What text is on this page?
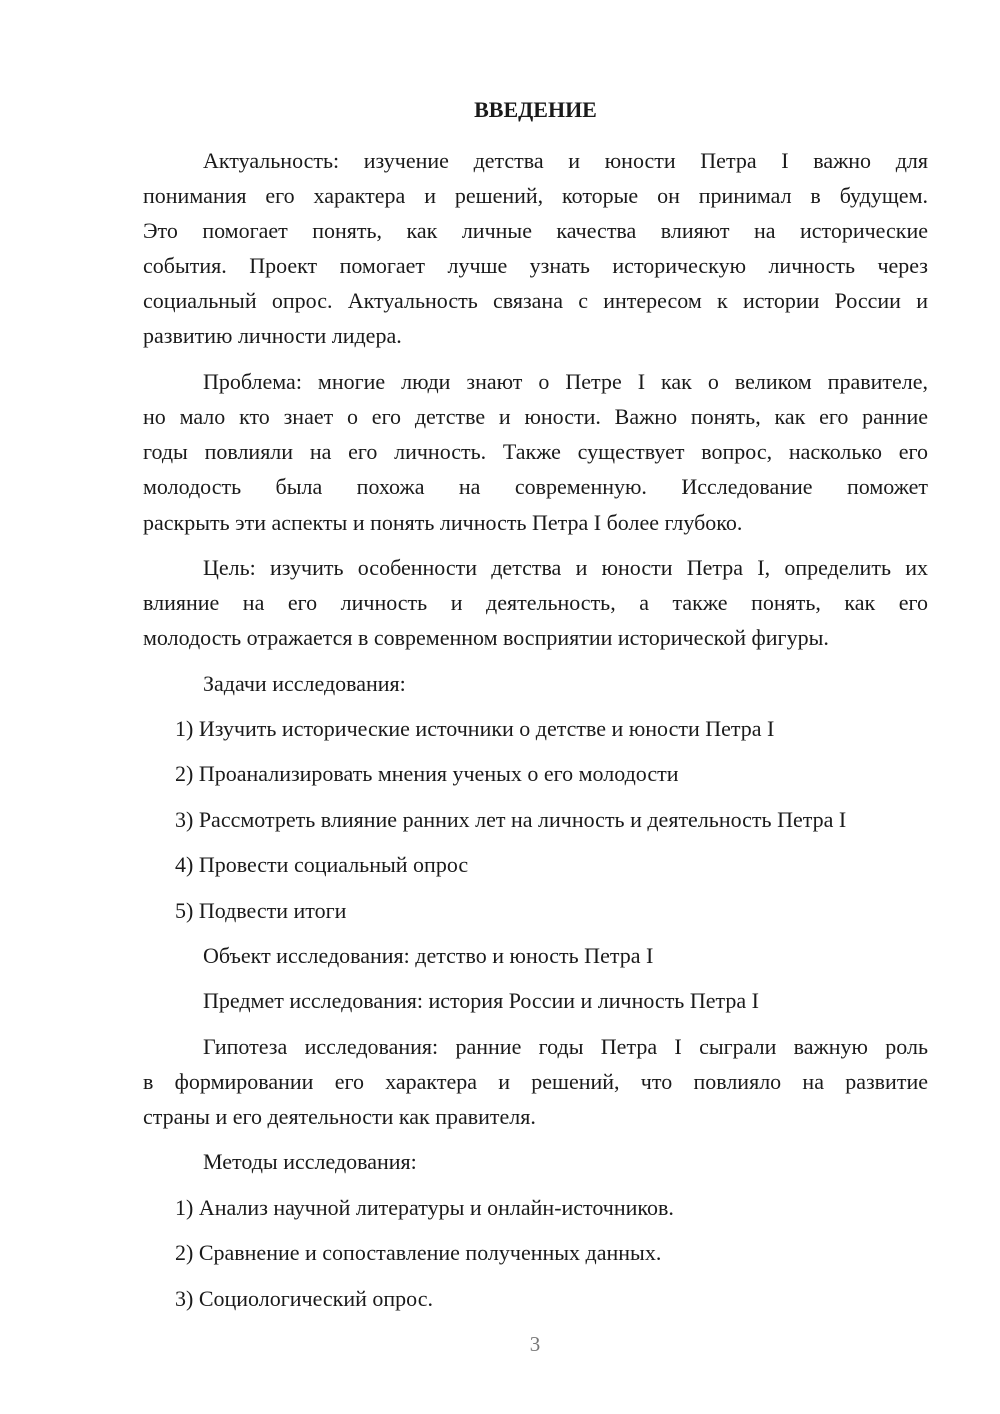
ВВЕДЕНИЕ
Актуальность: изучение детства и юности Петра I важно для
понимания его характера и решений, которые он принимал в будущем.
Это помогает понять, как личные качества влияют на исторические
события. Проект помогает лучше узнать историческую личность через
социальный опрос. Актуальность связана с интересом к истории России и
развитию личности лидера.
Проблема: многие люди знают о Петре I как о великом правителе,
но мало кто знает о его детстве и юности. Важно понять, как его ранние
годы повлияли на его личность. Также существует вопрос, насколько его
молодость была похожа на современную. Исследование поможет
раскрыть эти аспекты и понять личность Петра I более глубоко.
Цель: изучить особенности детства и юности Петра I, определить их
влияние на его личность и деятельность, а также понять, как его
молодость отражается в современном восприятии исторической фигуры.
Задачи исследования:
1) Изучить исторические источники о детстве и юности Петра I
2) Проанализировать мнения ученых о его молодости
3) Рассмотреть влияние ранних лет на личность и деятельность Петра I
4) Провести социальный опрос
5) Подвести итоги
Объект исследования: детство и юность Петра I
Предмет исследования: история России и личность Петра I
Гипотеза исследования: ранние годы Петра I сыграли важную роль
в формировании его характера и решений, что повлияло на развитие
страны и его деятельности как правителя.
Методы исследования:
1) Анализ научной литературы и онлайн-источников.
2) Сравнение и сопоставление полученных данных.
3) Социологический опрос.
3
